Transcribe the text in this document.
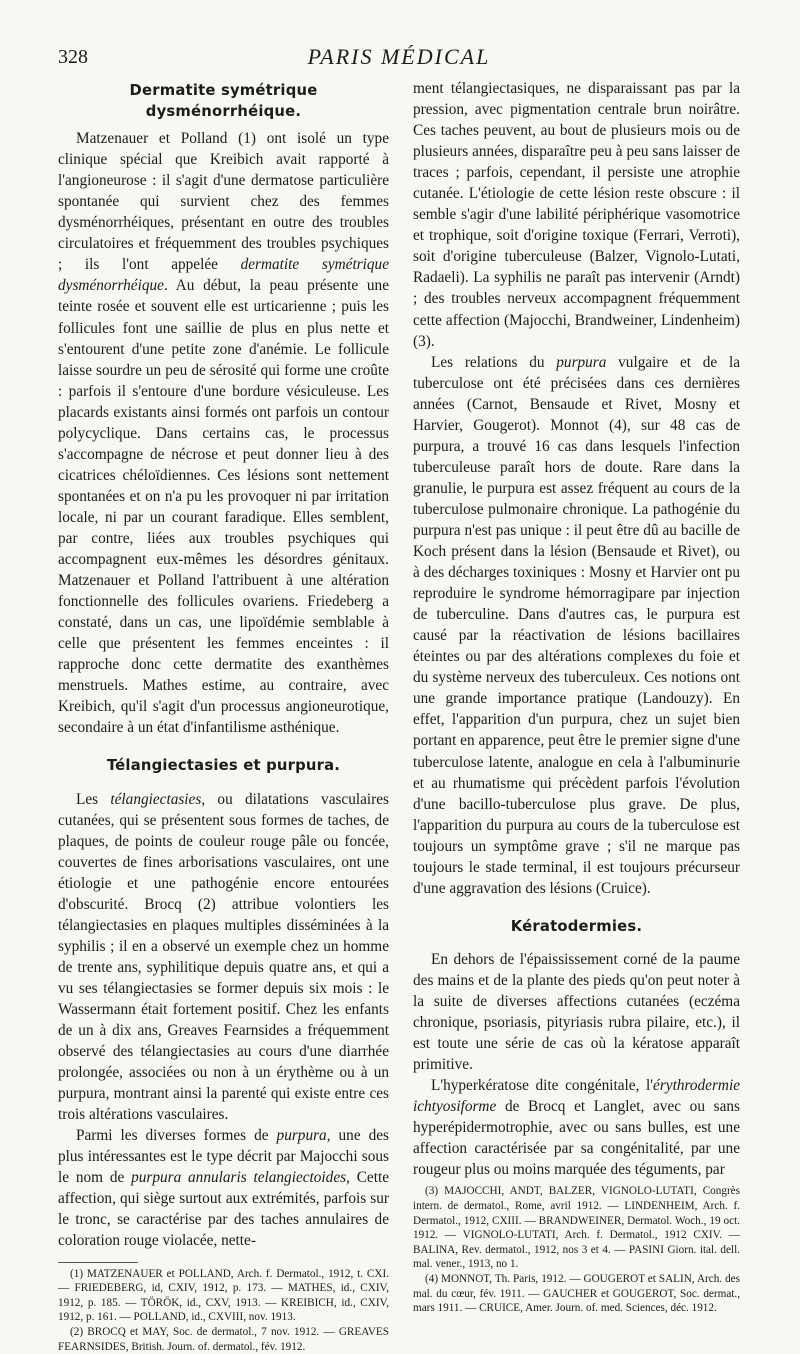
328	PARIS MÉDICAL
Dermatite symétrique dysménorrhéique.

Matzenauer et Polland (1) ont isolé un type clinique spécial que Kreibich avait rapporté à l'angioneurose : il s'agit d'une dermatose particulière spontanée qui survient chez des femmes dysménorrhéiques, présentant en outre des troubles circulatoires et fréquemment des troubles psychiques ; ils l'ont appelée dermatite symétrique dysménorrhéique. Au début, la peau présente une teinte rosée et souvent elle est urticarienne ; puis les follicules font une saillie de plus en plus nette et s'entourent d'une petite zone d'anémie. Le follicule laisse sourdre un peu de sérosité qui forme une croûte : parfois il s'entoure d'une bordure vésiculeuse. Les placards existants ainsi formés ont parfois un contour polycyclique. Dans certains cas, le processus s'accompagne de nécrose et peut donner lieu à des cicatrices chéloïdiennes. Ces lésions sont nettement spontanées et on n'a pu les provoquer ni par irritation locale, ni par un courant faradique. Elles semblent, par contre, liées aux troubles psychiques qui accompagnent eux-mêmes les désordres génitaux. Matzenauer et Polland l'attribuent à une altération fonctionnelle des follicules ovariens. Friedeberg a constaté, dans un cas, une lipoïdémie semblable à celle que présentent les femmes enceintes : il rapproche donc cette dermatite des exanthèmes menstruels. Mathes estime, au contraire, avec Kreibich, qu'il s'agit d'un processus angioneurotique, secondaire à un état d'infantilisme asthénique.

Télangiectasies et purpura.

Les télangiectasies, ou dilatations vasculaires cutanées, qui se présentent sous formes de taches, de plaques, de points de couleur rouge pâle ou foncée, couvertes de fines arborisations vasculaires, ont une étiologie et une pathogénie encore entourées d'obscurité. Brocq (2) attribue volontiers les télangiectasies en plaques multiples disséminées à la syphilis ; il en a observé un exemple chez un homme de trente ans, syphilitique depuis quatre ans, et qui a vu ses télangiectasies se former depuis six mois : le Wassermann était fortement positif. Chez les enfants de un à dix ans, Greaves Fearnsides a fréquemment observé des télangiectasies au cours d'une diarrhée prolongée, associées ou non à un érythème ou à un purpura, montrant ainsi la parenté qui existe entre ces trois altérations vasculaires.

Parmi les diverses formes de purpura, une des plus intéressantes est le type décrit par Majocchi sous le nom de purpura annularis telangiectoides, Cette affection, qui siège surtout aux extrémités, parfois sur le tronc, se caractérise par des taches annulaires de coloration rouge violacée, nette-

(1) MATZENAUER et POLLAND, Arch. f. Dermatol., 1912, t. CXI. — FRIEDEBERG, id, CXIV, 1912, p. 173. — MATHES, id., CXIV, 1912, p. 185. — TÖRÖK, id., CXV, 1913. — KREIBICH, id., CXIV, 1912, p. 161. — POLLAND, id., CXVIII, nov. 1913.

(2) BROCQ et MAY, Soc. de dermatol., 7 nov. 1912. — GREAVES FEARNSIDES, British. Journ. of. dermatol., fév. 1912.

ment télangiectasiques, ne disparaissant pas par la pression, avec pigmentation centrale brun noirâtre. Ces taches peuvent, au bout de plusieurs mois ou de plusieurs années, disparaître peu à peu sans laisser de traces ; parfois, cependant, il persiste une atrophie cutanée. L'étiologie de cette lésion reste obscure : il semble s'agir d'une labilité périphérique vasomotrice et trophique, soit d'origine toxique (Ferrari, Verroti), soit d'origine tuberculeuse (Balzer, Vignolo-Lutati, Radaeli). La syphilis ne paraît pas intervenir (Arndt) ; des troubles nerveux accompagnent fréquemment cette affection (Majocchi, Brandweiner, Lindenheim) (3).

Les relations du purpura vulgaire et de la tuberculose ont été précisées dans ces dernières années (Carnot, Bensaude et Rivet, Mosny et Harvier, Gougerot). Monnot (4), sur 48 cas de purpura, a trouvé 16 cas dans lesquels l'infection tuberculeuse paraît hors de doute. Rare dans la granulie, le purpura est assez fréquent au cours de la tuberculose pulmonaire chronique. La pathogénie du purpura n'est pas unique : il peut être dû au bacille de Koch présent dans la lésion (Bensaude et Rivet), ou à des décharges toxiniques : Mosny et Harvier ont pu reproduire le syndrome hémorragipare par injection de tuberculine. Dans d'autres cas, le purpura est causé par la réactivation de lésions bacillaires éteintes ou par des altérations complexes du foie et du système nerveux des tuberculeux. Ces notions ont une grande importance pratique (Landouzy). En effet, l'apparition d'un purpura, chez un sujet bien portant en apparence, peut être le premier signe d'une tuberculose latente, analogue en cela à l'albuminurie et au rhumatisme qui précèdent parfois l'évolution d'une bacillo-tuberculose plus grave. De plus, l'apparition du purpura au cours de la tuberculose est toujours un symptôme grave ; s'il ne marque pas toujours le stade terminal, il est toujours précurseur d'une aggravation des lésions (Cruice).

Kératodermies.

En dehors de l'épaississement corné de la paume des mains et de la plante des pieds qu'on peut noter à la suite de diverses affections cutanées (eczéma chronique, psoriasis, pityriasis rubra pilaire, etc.), il est toute une série de cas où la kératose apparaît primitive.

L'hyperkératose dite congénitale, l'érythrodermie ichtyosiforme de Brocq et Langlet, avec ou sans hyperépidermotrophie, avec ou sans bulles, est une affection caractérisée par sa congénitalité, par une rougeur plus ou moins marquée des téguments, par

(3) MAJOCCHI, ANDT, BALZER, VIGNOLO-LUTATI, Congrès intern. de dermatol., Rome, avril 1912. — LINDENHEIM, Arch. f. Dermatol., 1912, CXIII. — BRANDWEINER, Dermatol. Woch., 19 oct. 1912. — VIGNOLO-LUTATI, Arch. f. Dermatol., 1912 CXIV. — BALINA, Rev. dermatol., 1912, nos 3 et 4. — PASINI Giorn. ital. dell. mal. vener., 1913, no 1.

(4) MONNOT, Th. Paris, 1912. — GOUGEROT et SALIN, Arch. des mal. du cœur, fév. 1911. — GAUCHER et GOUGEROT, Soc. dermat., mars 1911. — CRUICE, Amer. Journ. of. med. Sciences, déc. 1912.
